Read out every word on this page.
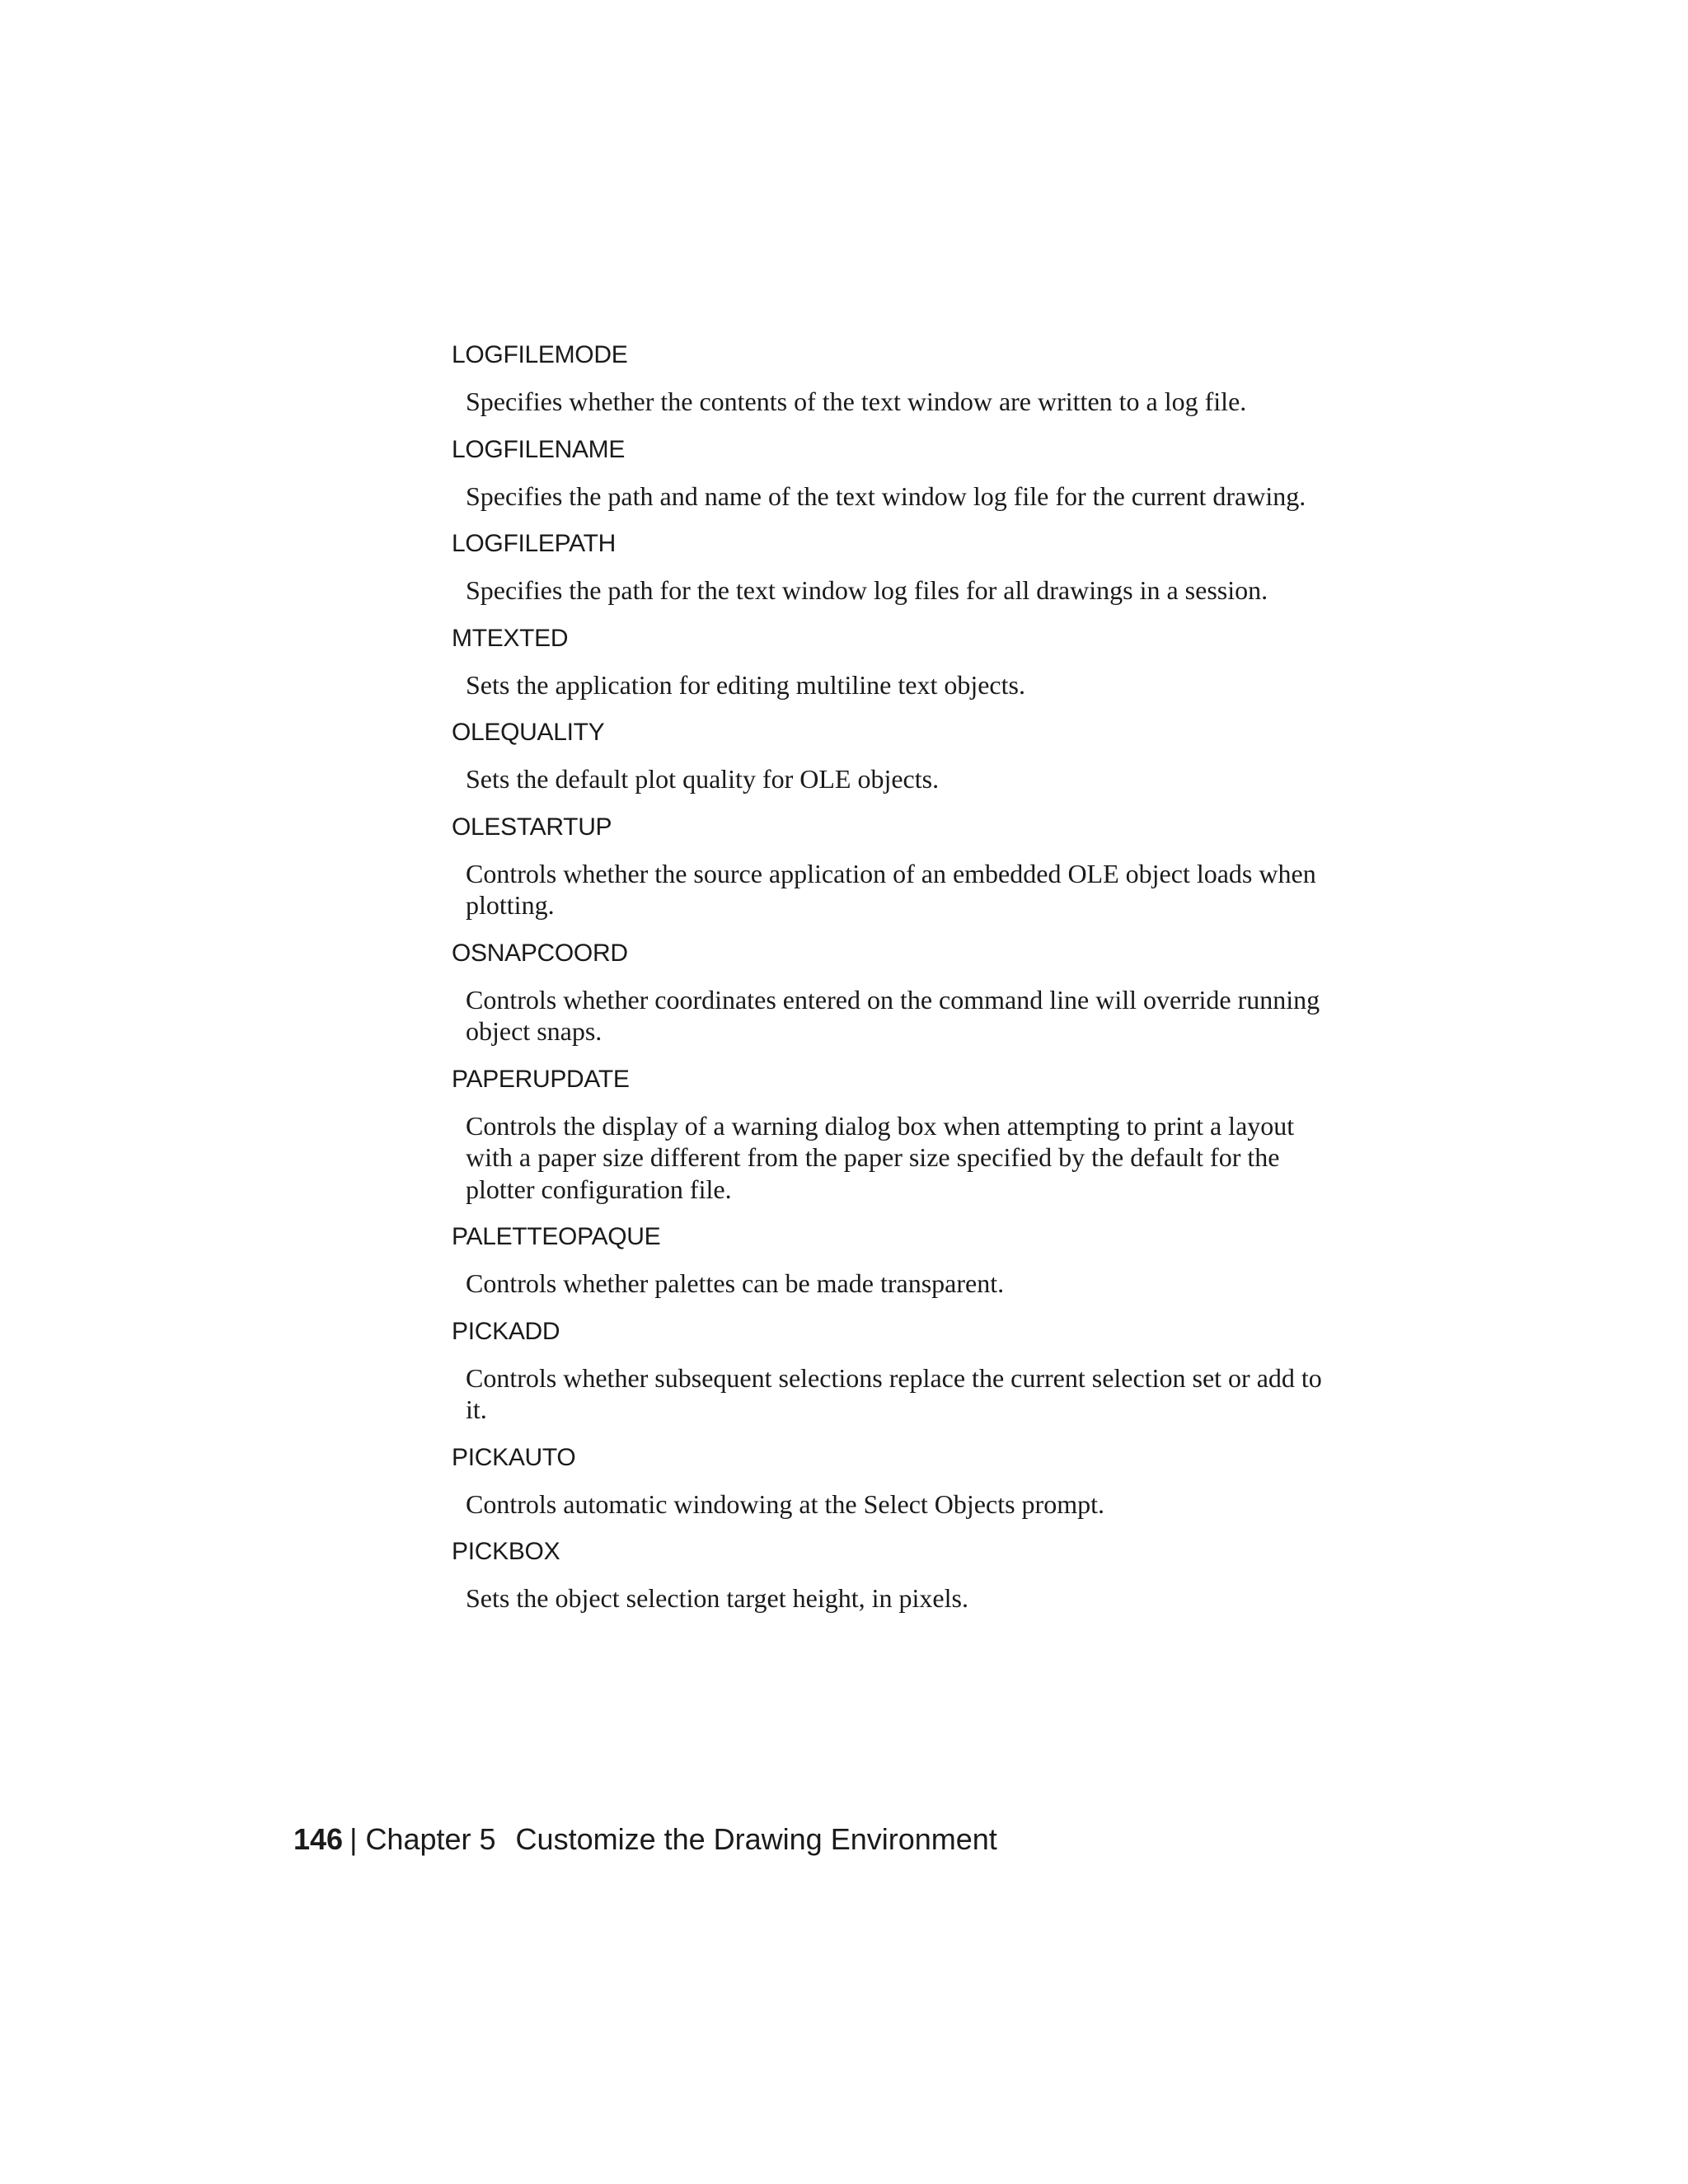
LOGFILEMODE

Specifies whether the contents of the text window are written to a log file.

LOGFILENAME

Specifies the path and name of the text window log file for the current drawing.

LOGFILEPATH

Specifies the path for the text window log files for all drawings in a session.

MTEXTED

Sets the application for editing multiline text objects.

OLEQUALITY

Sets the default plot quality for OLE objects.

OLESTARTUP

Controls whether the source application of an embedded OLE object loads when plotting.

OSNAPCOORD

Controls whether coordinates entered on the command line will override running object snaps.

PAPERUPDATE

Controls the display of a warning dialog box when attempting to print a layout with a paper size different from the paper size specified by the default for the plotter configuration file.

PALETTEOPAQUE

Controls whether palettes can be made transparent.

PICKADD

Controls whether subsequent selections replace the current selection set or add to it.

PICKAUTO

Controls automatic windowing at the Select Objects prompt.

PICKBOX

Sets the object selection target height, in pixels.

146 | Chapter 5 Customize the Drawing Environment
